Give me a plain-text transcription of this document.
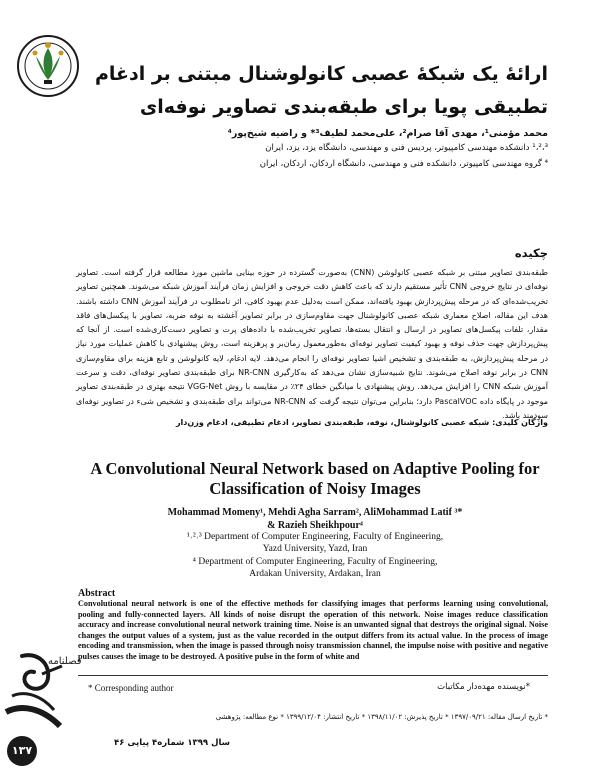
ارائهٔ یک شبکهٔ عصبی کانولوشنال مبتنی بر ادغام
تطبیقی پویا برای طبقه‌بندی تصاویر نوفه‌ای
محمد مؤمنی¹، مهدی آقا صرام²، علی‌محمد لطیف³* و راضیه شیخ‌پور⁴
¹،²،³ دانشکده مهندسی کامپیوتر، پردیس فنی و مهندسی، دانشگاه یزد، یزد، ایران
⁴ گروه مهندسی کامپیوتر، دانشکده فنی و مهندسی، دانشگاه اردکان، اردکان، ایران
چکیده
طبقه‌بندی تصاویر مبتنی بر شبکه عصبی کانولوشن (CNN) به‌صورت گسترده در حوزه بینایی ماشین مورد مطالعه قرار گرفته است. تصاویر نوفه‌ای در نتایج خروجی CNN تأثیر مستقیم دارند که باعث کاهش دقت خروجی و افزایش زمان فرآیند آموزش شبکه می‌شوند. همچنین تصاویر تخریب‌شده‌ای که در مرحله پیش‌پردازش بهبود یافته‌اند، ممکن است به‌دلیل عدم بهبود کافی، اثر نامطلوب در فرآیند آموزش CNN داشته باشند. هدف این مقاله، اصلاح معماری شبکه عصبی کانولوشنال جهت مقاوم‌سازی در برابر تصاویر آغشته به نوفه ضربه، تصاویر با پیکسل‌های فاقد مقدار، تلفات پیکسل‌های تصاویر در ارسال و انتقال بسته‌ها، تصاویر تخریب‌شده با داده‌های پرت و تصاویر دست‌کاری‌شده است. از آنجا که پیش‌پردازش جهت حذف نوفه و بهبود کیفیت تصاویر نوفه‌ای به‌طورمعمول زمان‌بر و پرهزینه است، روش پیشنهادی با کاهش عملیات مورد نیاز در مرحله پیش‌پردازش، به طبقه‌بندی و تشخیص اشیا تصاویر نوفه‌ای را انجام می‌دهد. لایه ادغام، لایه کانولوشن و تابع هزینه برای مقاوم‌سازی CNN در برابر نوفه اصلاح می‌شوند. نتایج شبیه‌سازی نشان می‌دهد که به‌کارگیری NR-CNN برای طبقه‌بندی تصاویر نوفه‌ای، دقت و سرعت آموزش شبکه CNN را افزایش می‌دهد. روش پیشنهادی با میانگین خطای ۲۴٪ در مقایسه با روش VGG-Net نتیجه بهتری در طبقه‌بندی تصاویر موجود در پایگاه داده PascalVOC دارد؛ بنابراین می‌توان نتیجه گرفت که NR-CNN می‌تواند برای طبقه‌بندی و تشخیص شیء در تصاویر نوفه‌ای سودمند باشد.
واژگان کلیدی: شبکه عصبی کانولوشنال، نوفه، طبقه‌بندی تصاویر، ادغام تطبیقی، ادغام وزن‌دار
A Convolutional Neural Network based on Adaptive Pooling for Classification of Noisy Images
Mohammad Momeny¹, Mehdi Agha Sarram², AliMohammad Latif ³*
& Razieh Sheikhpour⁴
¹˒²˒³ Department of Computer Engineering, Faculty of Engineering,
Yazd University, Yazd, Iran
⁴ Department of Computer Engineering, Faculty of Engineering,
Ardakan University, Ardakan, Iran
Abstract
Convolutional neural network is one of the effective methods for classifying images that performs learning using convolutional, pooling and fully-connected layers. All kinds of noise disrupt the operation of this network. Noise images reduce classification accuracy and increase convolutional neural network training time. Noise is an unwanted signal that destroys the original signal. Noise changes the output values of a system, just as the value recorded in the output differs from its actual value. In the process of image encoding and transmission, when the image is passed through noisy transmission channel, the impulse noise with positive and negative pulses causes the image to be destroyed. A positive pulse in the form of white and
* Corresponding author	*نویسنده مهده‌دار مکاتبات
* تاریخ ارسال مقاله: ۱۳۹۷/۰۹/۲۱ * تاریخ پذیرش: ۱۳۹۸/۱۱/۰۲ * تاریخ انتشار: ۱۳۹۹/۱۲/۰۴ * نوع مطالعه: پژوهشی
سال ۱۳۹۹ شماره۴ پیاپی ۴۶
فصلنامه
۱۳۷
